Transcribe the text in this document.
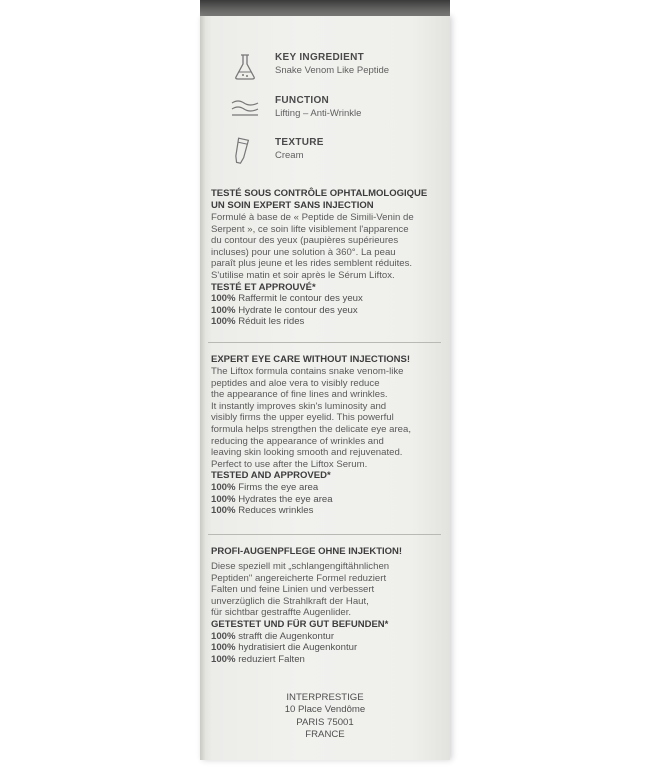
KEY INGREDIENT
Snake Venom Like Peptide
FUNCTION
Lifting – Anti-Wrinkle
TEXTURE
Cream
TESTÉ SOUS CONTRÔLE OPHTALMOLOGIQUE
UN SOIN EXPERT SANS INJECTION
Formulé à base de « Peptide de Simili-Venin de
Serpent », ce soin lifte visiblement l'apparence
du contour des yeux (paupières supérieures
incluses) pour une solution à 360°. La peau
paraît plus jeune et les rides semblent réduites.
S'utilise matin et soir après le Sérum Liftox.
TESTÉ ET APPROUVÉ*
100% Raffermit le contour des yeux
100% Hydrate le contour des yeux
100% Réduit les rides
EXPERT EYE CARE WITHOUT INJECTIONS!
The Liftox formula contains snake venom-like
peptides and aloe vera to visibly reduce
the appearance of fine lines and wrinkles.
It instantly improves skin's luminosity and
visibly firms the upper eyelid. This powerful
formula helps strengthen the delicate eye area,
reducing the appearance of wrinkles and
leaving skin looking smooth and rejuvenated.
Perfect to use after the Liftox Serum.
TESTED AND APPROVED*
100% Firms the eye area
100% Hydrates the eye area
100% Reduces wrinkles
PROFI-AUGENPFLEGE OHNE INJEKTION!
Diese speziell mit „schlangengiftähnlichen
Peptiden" angereicherte Formel reduziert
Falten und feine Linien und verbessert
unverzüglich die Strahlkraft der Haut,
für sichtbar gestraffte Augenlider.
GETESTET UND FÜR GUT BEFUNDEN*
100% strafft die Augenkontur
100% hydratisiert die Augenkontur
100% reduziert Falten
INTERPRESTIGE
10 Place Vendôme
PARIS 75001
FRANCE
